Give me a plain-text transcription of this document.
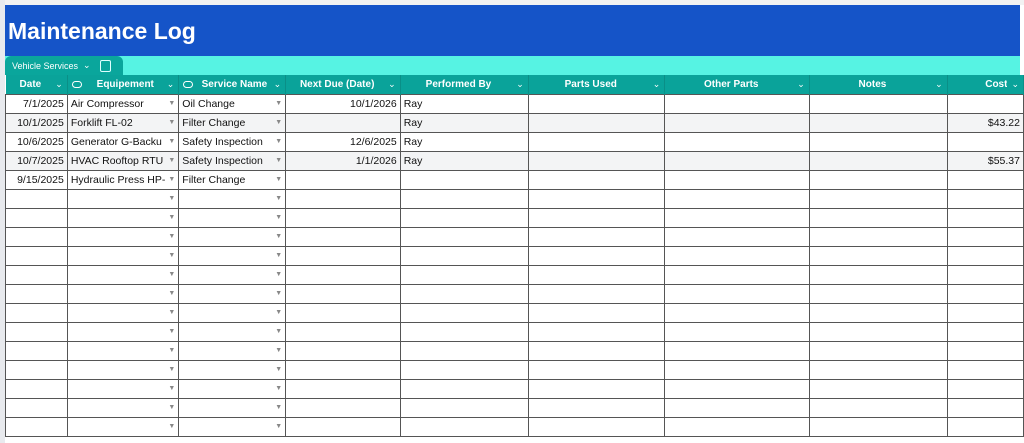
Maintenance Log
Vehicle Services ⌄
Date ⌄	Equipement ⌄	Service Name ⌄	Next Due (Date) ⌄	Performed By ⌄	Parts Used ⌄	Other Parts ⌄	Notes ⌄	Cost ⌄

7/1/2025	Air Compressor ▼	Oil Change ▼	10/1/2026	Ray				

10/1/2025	Forklift FL-02 ▼	Filter Change ▼		Ray				$43.22

10/6/2025	Generator G-Backu ▼	Safety Inspection ▼	12/6/2025	Ray				

10/7/2025	HVAC Rooftop RTU ▼	Safety Inspection ▼	1/1/2026	Ray				$55.37

9/15/2025	Hydraulic Press HP- ▼	Filter Change ▼						

	▼	▼						

	▼	▼						

	▼	▼						

	▼	▼						

	▼	▼						

	▼	▼						

	▼	▼						

	▼	▼						

	▼	▼						

	▼	▼						

	▼	▼						

	▼	▼						

	▼	▼						
